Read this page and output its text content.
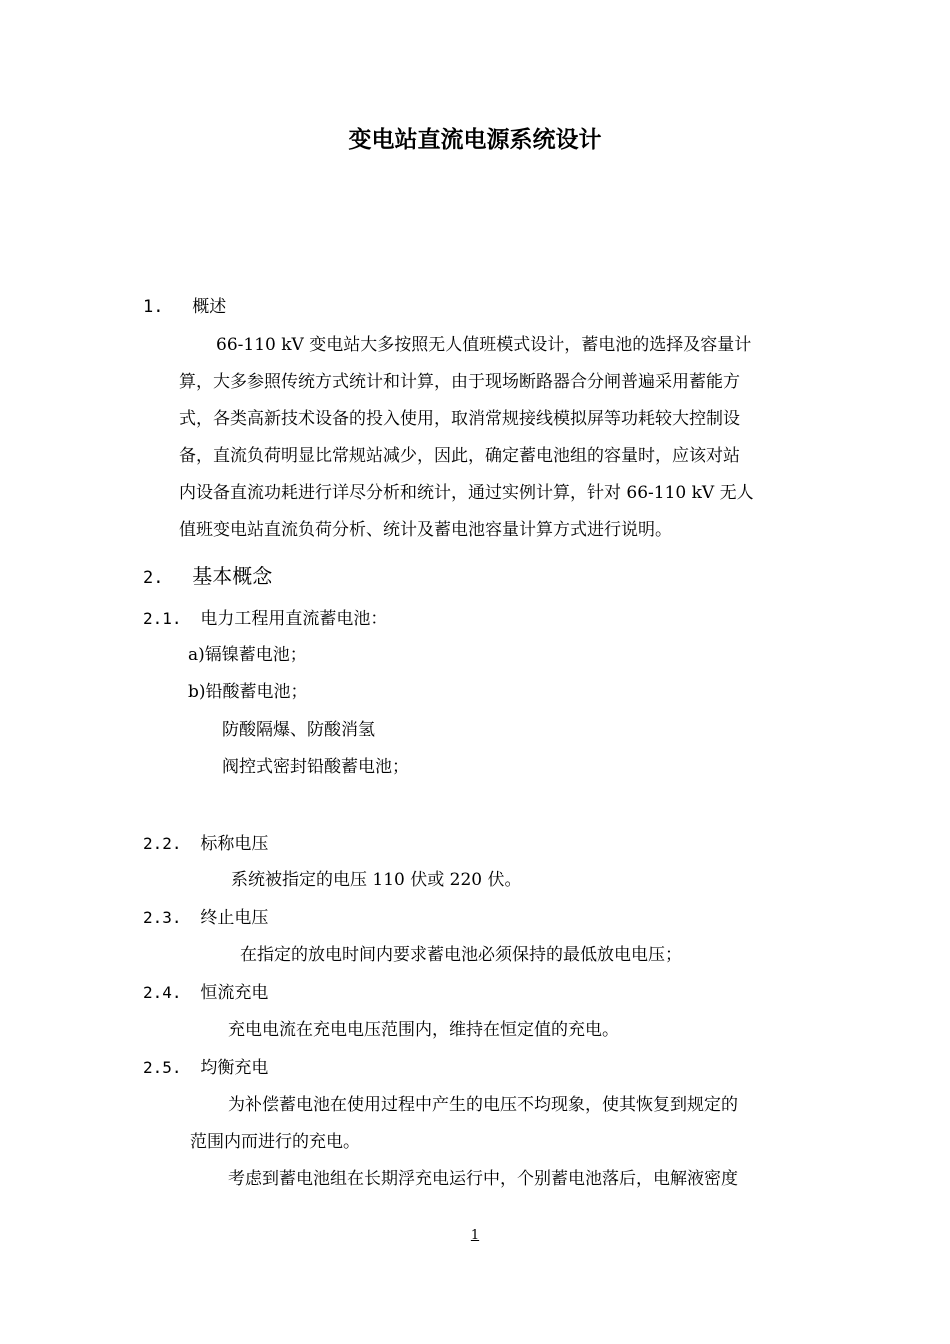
变电站直流电源系统设计
1. 概述
66-110 kV 变电站大多按照无人值班模式设计，蓄电池的选择及容量计
算，大多参照传统方式统计和计算，由于现场断路器合分闸普遍采用蓄能方
式，各类高新技术设备的投入使用，取消常规接线模拟屏等功耗较大控制设
备，直流负荷明显比常规站减少，因此，确定蓄电池组的容量时，应该对站
内设备直流功耗进行详尽分析和统计，通过实例计算，针对 66-110 kV 无人
值班变电站直流负荷分析、统计及蓄电池容量计算方式进行说明。
2. 基本概念
2.1. 电力工程用直流蓄电池：
a)镉镍蓄电池；
b)铅酸蓄电池；
防酸隔爆、防酸消氢
阀控式密封铅酸蓄电池；
2.2. 标称电压
系统被指定的电压 110 伏或 220 伏。
2.3. 终止电压
在指定的放电时间内要求蓄电池必须保持的最低放电电压；
2.4. 恒流充电
充电电流在充电电压范围内，维持在恒定值的充电。
2.5. 均衡充电
为补偿蓄电池在使用过程中产生的电压不均现象，使其恢复到规定的
范围内而进行的充电。
考虑到蓄电池组在长期浮充电运行中，个别蓄电池落后，电解液密度
1
